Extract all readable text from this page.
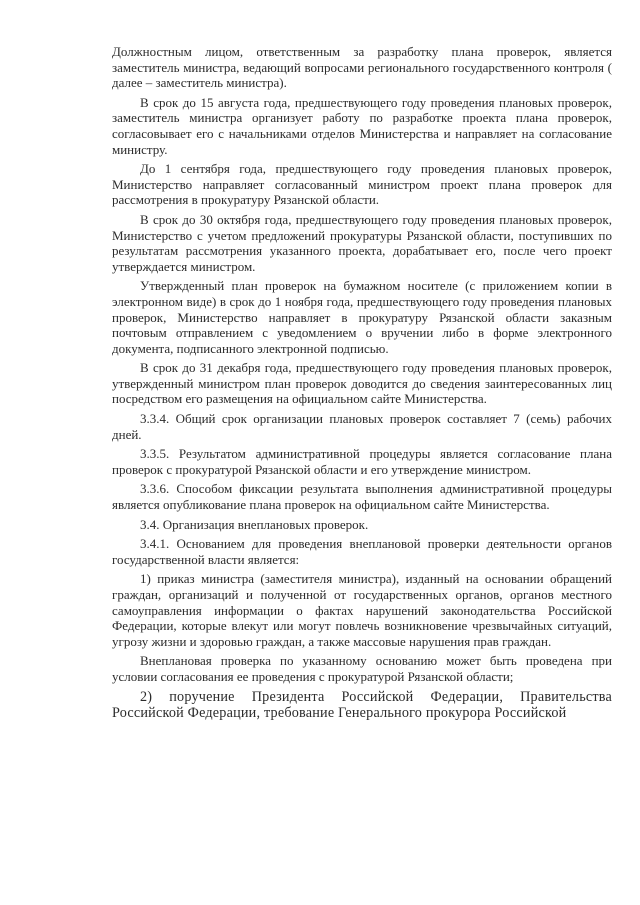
Должностным лицом, ответственным за разработку плана проверок, является заместитель министра, ведающий вопросами регионального государственного контроля ( далее – заместитель министра).

В срок до 15 августа года, предшествующего году проведения плановых проверок, заместитель министра организует работу по разработке проекта плана проверок, согласовывает его с начальниками отделов Министерства и направляет на согласование министру.

До 1 сентября года, предшествующего году проведения плановых проверок, Министерство направляет согласованный министром проект плана проверок для рассмотрения в прокуратуру Рязанской области.

В срок до 30 октября года, предшествующего году проведения плановых проверок, Министерство с учетом предложений прокуратуры Рязанской области, поступивших по результатам рассмотрения указанного проекта, дорабатывает его, после чего проект утверждается министром.

Утвержденный план проверок на бумажном носителе (с приложением копии в электронном виде) в срок до 1 ноября года, предшествующего году проведения плановых проверок, Министерство направляет в прокуратуру Рязанской области заказным почтовым отправлением с уведомлением о вручении либо в форме электронного документа, подписанного электронной подписью.

В срок до 31 декабря года, предшествующего году проведения плановых проверок, утвержденный министром план проверок доводится до сведения заинтересованных лиц посредством его размещения на официальном сайте Министерства.

3.3.4. Общий срок организации плановых проверок составляет 7 (семь) рабочих дней.

3.3.5. Результатом административной процедуры является согласование плана проверок с прокуратурой Рязанской области и его утверждение министром.

3.3.6. Способом фиксации результата выполнения административной процедуры является опубликование плана проверок на официальном сайте Министерства.

3.4. Организация внеплановых проверок.

3.4.1. Основанием для проведения внеплановой проверки деятельности органов государственной власти является:

1) приказ министра (заместителя министра), изданный на основании обращений граждан, организаций и полученной от государственных органов, органов местного самоуправления информации о фактах нарушений законодательства Российской Федерации, которые влекут или могут повлечь возникновение чрезвычайных ситуаций, угрозу жизни и здоровью граждан, а также массовые нарушения прав граждан.

Внеплановая проверка по указанному основанию может быть проведена при условии согласования ее проведения с прокуратурой Рязанской области;

2) поручение Президента Российской Федерации, Правительства Российской Федерации, требование Генерального прокурора Российской
